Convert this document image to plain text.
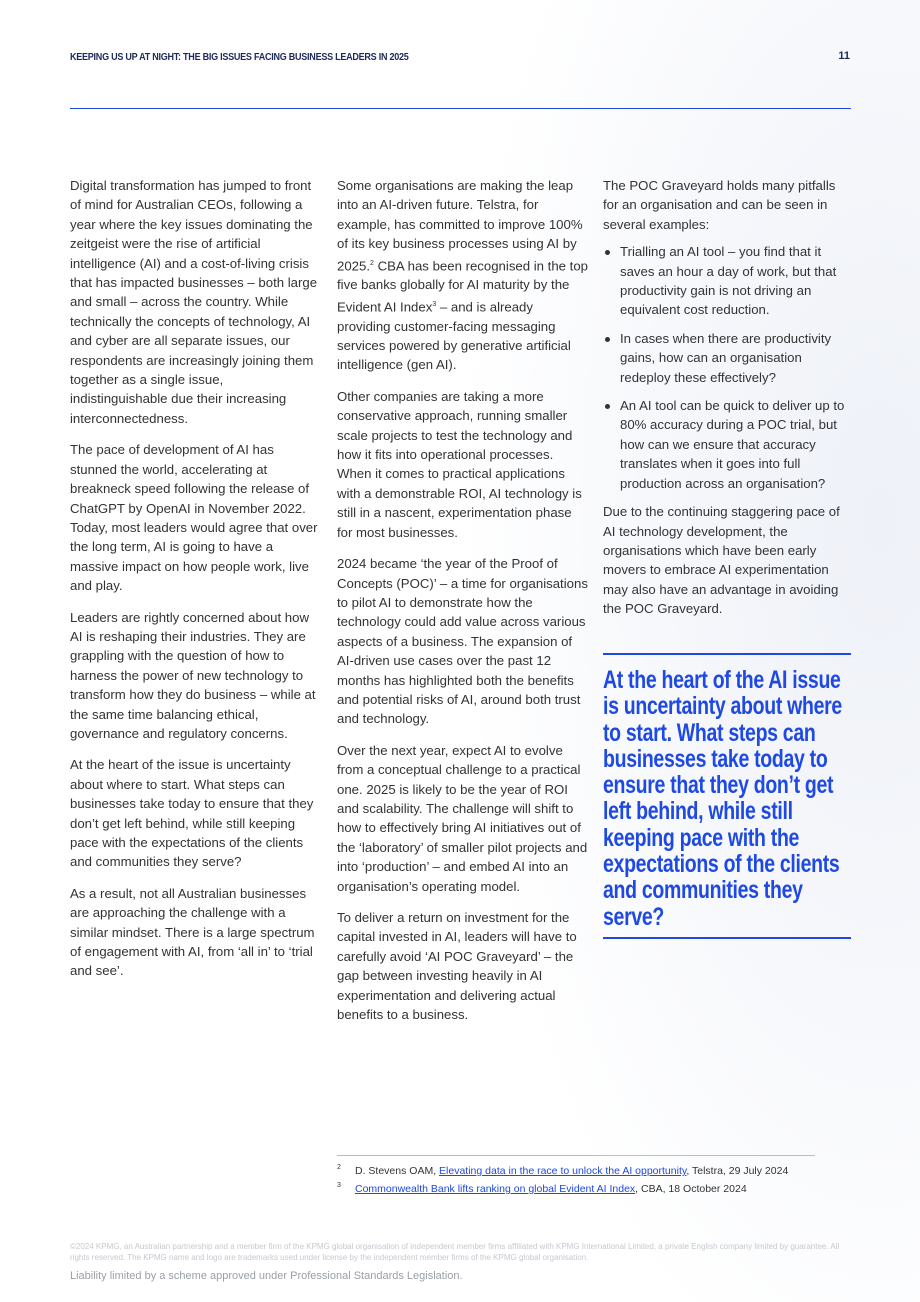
KEEPING US UP AT NIGHT: THE BIG ISSUES FACING BUSINESS LEADERS IN 2025	11

Digital transformation has jumped to front of mind for Australian CEOs, following a year where the key issues dominating the zeitgeist were the rise of artificial intelligence (AI) and a cost-of-living crisis that has impacted businesses – both large and small – across the country. While technically the concepts of technology, AI and cyber are all separate issues, our respondents are increasingly joining them together as a single issue, indistinguishable due their increasing interconnectedness.

The pace of development of AI has stunned the world, accelerating at breakneck speed following the release of ChatGPT by OpenAI in November 2022. Today, most leaders would agree that over the long term, AI is going to have a massive impact on how people work, live and play.

Leaders are rightly concerned about how AI is reshaping their industries. They are grappling with the question of how to harness the power of new technology to transform how they do business – while at the same time balancing ethical, governance and regulatory concerns.

At the heart of the issue is uncertainty about where to start. What steps can businesses take today to ensure that they don’t get left behind, while still keeping pace with the expectations of the clients and communities they serve?

As a result, not all Australian businesses are approaching the challenge with a similar mindset. There is a large spectrum of engagement with AI, from ‘all in’ to ‘trial and see’.

Some organisations are making the leap into an AI-driven future. Telstra, for example, has committed to improve 100% of its key business processes using AI by 2025.$^2$ CBA has been recognised in the top five banks globally for AI maturity by the Evident AI Index$^3$ – and is already providing customer-facing messaging services powered by generative artificial intelligence (gen AI).

Other companies are taking a more conservative approach, running smaller scale projects to test the technology and how it fits into operational processes. When it comes to practical applications with a demonstrable ROI, AI technology is still in a nascent, experimentation phase for most businesses.

2024 became ‘the year of the Proof of Concepts (POC)’ – a time for organisations to pilot AI to demonstrate how the technology could add value across various aspects of a business. The expansion of AI-driven use cases over the past 12 months has highlighted both the benefits and potential risks of AI, around both trust and technology.

Over the next year, expect AI to evolve from a conceptual challenge to a practical one. 2025 is likely to be the year of ROI and scalability. The challenge will shift to how to effectively bring AI initiatives out of the ‘laboratory’ of smaller pilot projects and into ‘production’ – and embed AI into an organisation’s operating model.

To deliver a return on investment for the capital invested in AI, leaders will have to carefully avoid ‘AI POC Graveyard’ – the gap between investing heavily in AI experimentation and delivering actual benefits to a business.

The POC Graveyard holds many pitfalls for an organisation and can be seen in several examples:

Trialling an AI tool – you find that it saves an hour a day of work, but that productivity gain is not driving an equivalent cost reduction.
In cases when there are productivity gains, how can an organisation redeploy these effectively?
An AI tool can be quick to deliver up to 80% accuracy during a POC trial, but how can we ensure that accuracy translates when it goes into full production across an organisation?

Due to the continuing staggering pace of AI technology development, the organisations which have been early movers to embrace AI experimentation may also have an advantage in avoiding the POC Graveyard.

At the heart of the AI issue is uncertainty about where to start. What steps can businesses take today to ensure that they don’t get left behind, while still keeping pace with the expectations of the clients and communities they serve?

2	D. Stevens OAM, Elevating data in the race to unlock the AI opportunity, Telstra, 29 July 2024
3	Commonwealth Bank lifts ranking on global Evident AI Index, CBA, 18 October 2024
©2024 KPMG, an Australian partnership and a member firm of the KPMG global organisation of independent member firms affiliated with KPMG International Limited, a private English company limited by guarantee. All rights reserved. The KPMG name and logo are trademarks used under license by the independent member firms of the KPMG global organisation.
Liability limited by a scheme approved under Professional Standards Legislation.
